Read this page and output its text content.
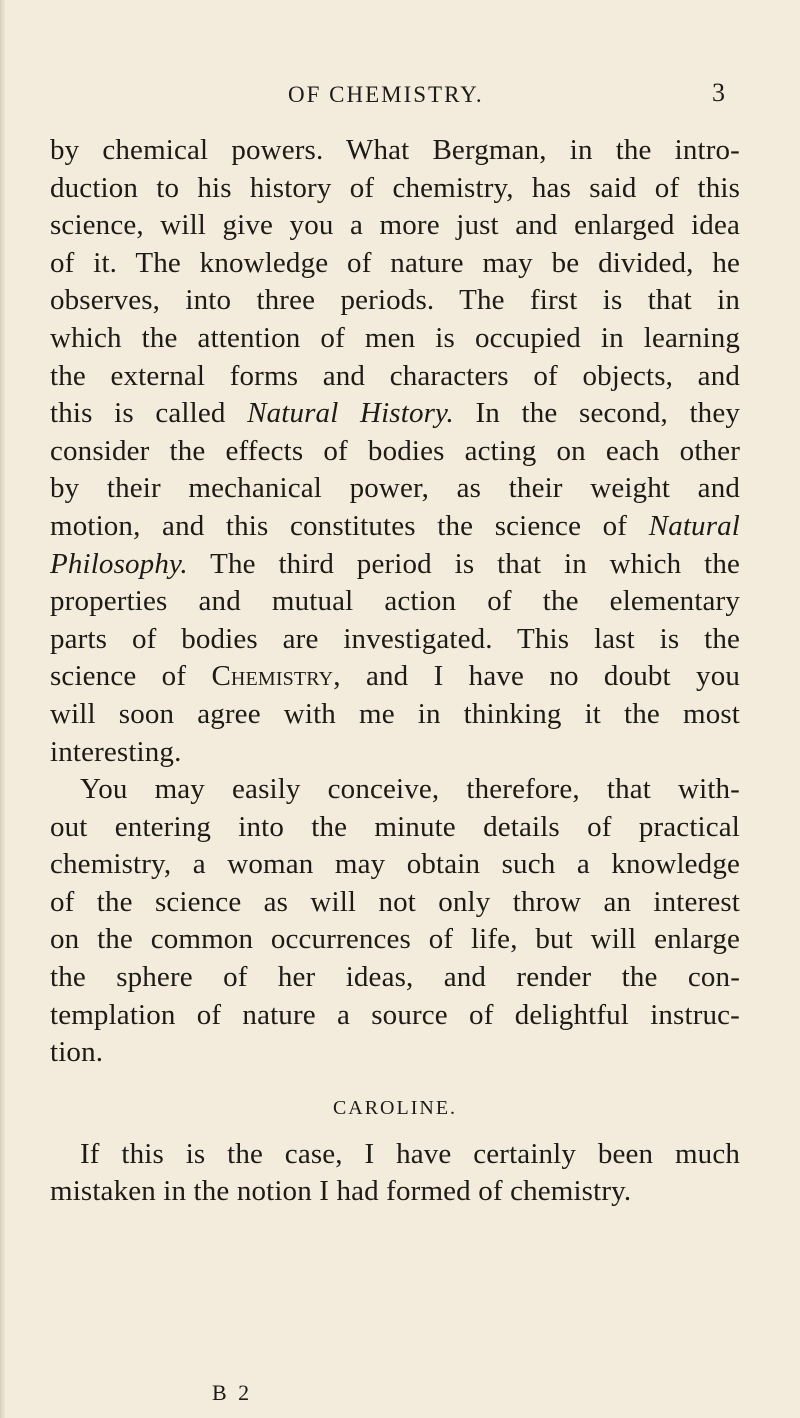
OF CHEMISTRY.	3
by chemical powers. What Bergman, in the intro-
duction to his history of chemistry, has said of this
science, will give you a more just and enlarged idea
of it. The knowledge of nature may be divided, he
observes, into three periods. The first is that in
which the attention of men is occupied in learning
the external forms and characters of objects, and
this is called Natural History. In the second, they
consider the effects of bodies acting on each other
by their mechanical power, as their weight and
motion, and this constitutes the science of Natural
Philosophy. The third period is that in which the
properties and mutual action of the elementary
parts of bodies are investigated. This last is the
science of Chemistry, and I have no doubt you
will soon agree with me in thinking it the most
interesting.
You may easily conceive, therefore, that with-
out entering into the minute details of practical
chemistry, a woman may obtain such a knowledge
of the science as will not only throw an interest
on the common occurrences of life, but will enlarge
the sphere of her ideas, and render the con-
templation of nature a source of delightful instruc-
tion.
CAROLINE.
If this is the case, I have certainly been much
mistaken in the notion I had formed of chemistry.
B 2
